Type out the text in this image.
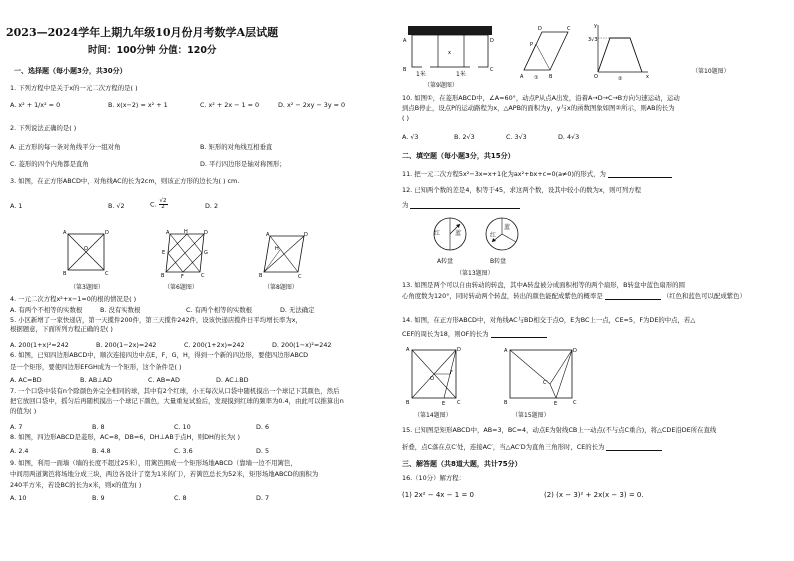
2023—2024学年上期九年级10月份月考数学A层试题
时间：100分钟 分值：120分
一、选择题（每小题3分，共30分）
1. 下列方程中是关于x的一元二次方程的是( )
A. x² + 1/x² = 0	B. x(x−2) = x² + 1	C. x² + 2x − 1 = 0	D. x² − 2xy − 3y = 0
2. 下列说法正确的是( )
A. 正方形的每一条对角线平分一组对角	B. 矩形的对角线互相垂直
C. 菱形的四个内角都是直角	D. 平行四边形是轴对称图形；
3. 如图，在正方形ABCD中，对角线AC的长为2cm，则该正方形的边长为( ) cm.
A. 1	B. √2	C. $\frac{√2}{2}$	D. 2
A	D
B	C
O
（第3题图）
A	H	D
E	G
B	F	C
（第6题图）
A	D
B	C
H
（第8题图）
4. 一元二次方程x²+x−1=0的根的情况是( )
A. 有两个不相等的实数根	B. 没有实数根	C. 有两个相等的实数根	D. 无法确定
5. 小区新增了一家快递店，第一天揽件200件，第三天揽件242件，设该快递店揽件日平均增长率为x，
根据题意，下面所列方程正确的是( )
A. 200(1+x)²=242	B. 200(1−2x)=242	C. 200(1+2x)=242	D. 200(1−x)²=242
6. 如图，已知四边形ABCD中，顺次连接四边中点E，F，G，H，得到一个新的四边形，要使四边形ABCD
是一个矩形，要使四边形EFGH成为一个矩形，这个条件是( )
A. AC=BD	B. AB⊥AD	C. AB=AD	D. AC⊥BD
7. 一个口袋中装有n个除颜色外完全相同的球，其中有2个红球，小王每次从口袋中随机摸出一个球记下其颜色，然后
把它放回口袋中，摇匀后再随机摸出一个球记下颜色，大量重复试验后，发现摸到红球的频率为0.4，由此可以推算出n
的值为( )
A. 7	B. 8	C. 10	D. 6
8. 如图，四边形ABCD是菱形，AC=8，DB=6，DH⊥AB于点H，则DH的长为( )
A. 2.4	B. 4.8	C. 3.6	D. 5
9. 如图，利用一面墙（墙的长度不超过25米），用篱笆围成一个矩形场地ABCD（靠墙一边不用篱笆，
中间用两道篱笆将场地分成三块，两边各设计了宽为1米的门），若篱笆总长为52米，矩形场地ABCD的面积为
240平方米，若设BC的长为x米，则x的值为( )
A. 10	B. 9	C. 8	D. 7
A	D
B	C
x
1米	1米
（第9题图）
D	C
P
A	B
①
3√3
y
x
O	②
（第10题图）
10. 如图①，在菱形ABCD中，∠A=60°，动点P从点A出发，沿着A→D→C→B方向匀速运动，运动
到点B停止，设点P的运动路程为x，△APB的面积为y，y与x的函数图象如图②所示，则AB的长为
( )
A. √3	B. 2√3	C. 3√3	D. 4√3
二、填空题（每小题3分，共15分）
11. 把一元二次方程5x²−3x=x+1化为ax²+bx+c=0(a≠0)的形式，为
12. 已知两个数的差是4，积等于45，求这两个数，设其中较小的数为x，则可列方程
为
红 蓝
A转盘
蓝
红
B转盘
（第13题图）
13. 如图是两个可以自由转动的转盘，其中A转盘被分成面积相等的两个扇形，B转盘中蓝色扇形的圆
心角度数为120°，同时转动两个转盘，转出的颜色能配成紫色的概率是	（红色和蓝色可以配成紫色）
14. 如图，在正方形ABCD中，对角线AC与BD相交于点O，E为BC上一点，CE=5，F为DE的中点，若△
CEF的周长为18，则OF的长为
A	D
B	E C
O
F
（第14题图）
A	D
B	E	C
C′
（第15题图）
15. 已知图是矩形ABCD中，AB=3，BC=4，动点E为射线CB上一动点(不与点C重合)，将△CDE沿DE所在直线
折叠，点C落在点C′处，连接AC′，当△AC′D为直角三角形时，CE的长为
三、解答题（共8道大题，共计75分）
16.（10分）解方程：
(1) 2x² − 4x − 1 = 0	(2) (x − 3)² + 2x(x − 3) = 0.
